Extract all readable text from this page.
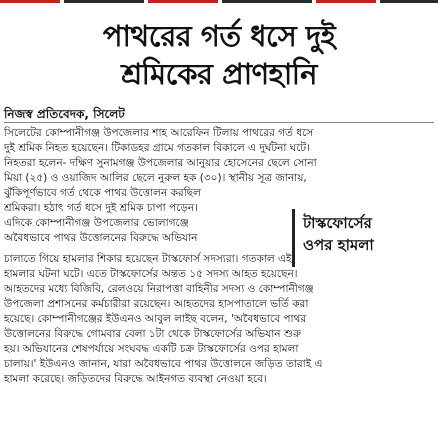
পাথরের গর্ত ধসে দুই
শ্রমিকের প্রাণহানি
নিজস্ব প্রতিবেদক, সিলেট
টাস্কফোর্সের
ওপর হামলা
সিলেটের কোম্পানীগঞ্জ উপজেলার শাহ আরেফিন টিলায় পাথরের গর্ত ধসে
দুই শ্রমিক নিহত হয়েছেন। টিকাডহর গ্রামে গতকাল বিকালে এ দুর্ঘটনা ঘটে।
নিহতরা হলেন- দক্ষিণ সুনামগঞ্জ উপজেলার আনুয়ার হোসেনের ছেলে সোনা
মিয়া (২৫) ও ওয়াজিদ আলির ছেলে নুরুল হক (৩০)। স্থানীয় সূত্র জানায়,
ঝুঁকিপূর্ণভাবে গর্ত থেকে পাথর উত্তোলন করছিল
শ্রমিকরা। হঠাৎ গর্ত ধসে দুই শ্রমিক চাপা পড়েন।
এদিকে কোম্পানীগঞ্জ উপজেলার ভোলাগঞ্জে
অবৈধভাবে পাথর উত্তোলনের বিরুদ্ধে অভিযান
চালাতে গিয়ে হামলার শিকার হয়েছেন টাস্কফোর্স সদস্যরা। গতকাল এই
হামলার ঘটনা ঘটে। এতে টাস্কফোর্সের অন্তত ১৫ সদস্য আহত হয়েছেন।
আহতদের মধ্যে বিজিবি, রেলওয়ে নিরাপত্তা বাহিনীর সদস্য ও কোম্পানীগঞ্জ
উপজেলা প্রশাসনের কর্মচারীরা রয়েছেন। আহতদের হাসপাতালে ভর্তি করা
হয়েছে। কোম্পানীগঞ্জের ইউএনও আবুল লাইছ বলেন, 'অবৈধভাবে পাথর
উত্তোলনের বিরুদ্ধে গোমবার বেলা ১টা থেকে টাস্কফোর্সের অভিযান শুরু
হয়। অভিযানের শেষপর্যায়ে সংঘবদ্ধ একটি চক্র টাস্কফোর্সের ওপর হামলা
চালায়।' ইউএনও জানান, যারা অবৈধভাবে পাথর উত্তোলনে জড়িত তারাই এ
হামলা করেছে। জড়িতদের বিরুদ্ধে আইনগত ব্যবস্থা নেওয়া হবে।
